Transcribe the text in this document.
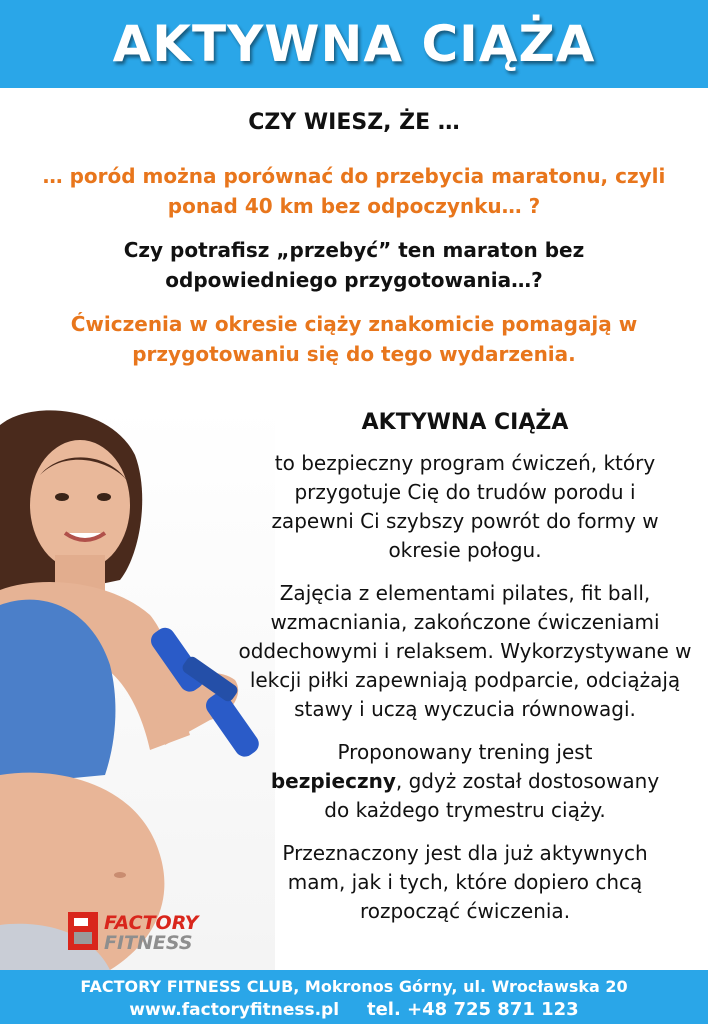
AKTYWNA CIĄŻA
CZY WIESZ, ŻE …
… poród można porównać do przebycia maratonu, czyli ponad 40 km bez odpoczynku… ?
Czy potrafisz „przebyć” ten maraton bez odpowiedniego przygotowania…?
Ćwiczenia w okresie ciąży znakomicie pomagają w przygotowaniu się do tego wydarzenia.
AKTYWNA CIĄŻA

to bezpieczny program ćwiczeń, który przygotuje Cię do trudów porodu i zapewni Ci szybszy powrót do formy w okresie połogu.

Zajęcia z elementami pilates, fit ball, wzmacniania, zakończone ćwiczeniami oddechowymi i relaksem. Wykorzystywane w lekcji piłki zapewniają podparcie, odciążają stawy i uczą wyczucia równowagi.

Proponowany trening jest
bezpieczny, gdyż został dostosowany do każdego trymestru ciąży.

Przeznaczony jest dla już aktywnych mam, jak i tych, które dopiero chcą rozpocząć ćwiczenia.

FACTORY
FITNESS
FACTORY FITNESS CLUB, Mokronos Górny, ul. Wrocławska 20
www.factoryfitness.pl tel. +48 725 871 123
